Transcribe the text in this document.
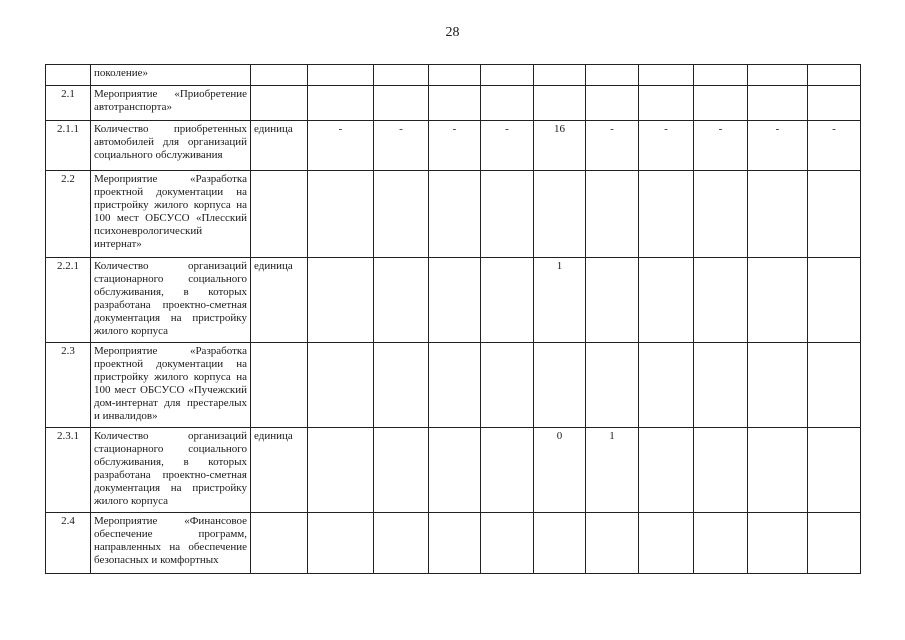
28
	поколение»											
2.1	Мероприятие «Приобретение автотранспорта»											
2.1.1	Количество приобретенных автомобилей для организаций социального обслуживания	единица	-	-	-	-	16	-	-	-	-	-
2.2	Мероприятие «Разработка проектной документации на пристройку жилого корпуса на 100 мест ОБСУСО «Плесский психоневрологический интернат»											
2.2.1	Количество организаций стационарного социального обслуживания, в которых разработана проектно-сметная документация на пристройку жилого корпуса	единица					1					
2.3	Мероприятие «Разработка проектной документации на пристройку жилого корпуса на 100 мест ОБСУСО «Пучежский дом-интернат для престарелых и инвалидов»											
2.3.1	Количество организаций стационарного социального обслуживания, в которых разработана проектно-сметная документация на пристройку жилого корпуса	единица					0	1				
2.4	Мероприятие «Финансовое обеспечение программ, направленных на обеспечение безопасных и комфортных											
